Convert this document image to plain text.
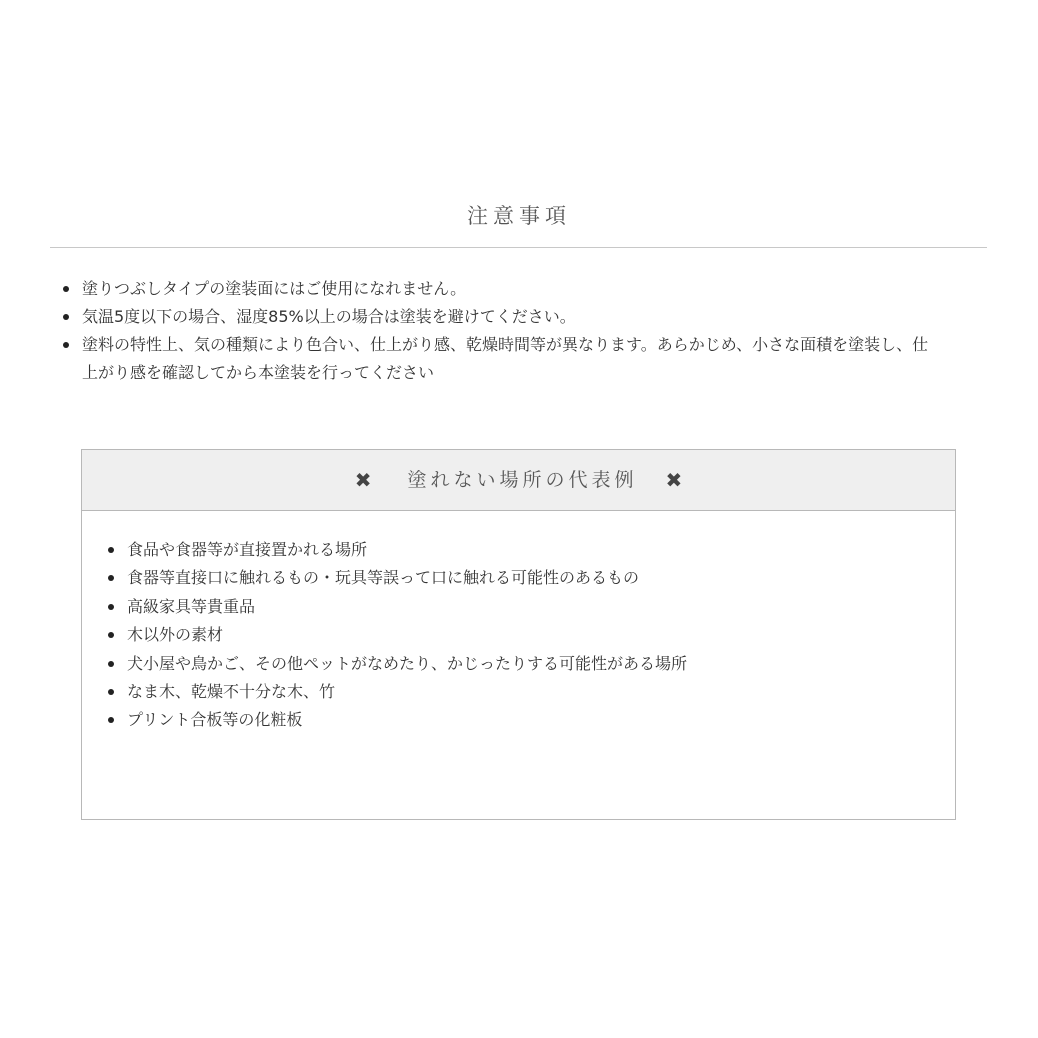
注意事項
塗りつぶしタイプの塗装面にはご使用になれません。
気温5度以下の場合、湿度85%以上の場合は塗装を避けてください。
塗料の特性上、気の種類により色合い、仕上がり感、乾燥時間等が異なります。あらかじめ、小さな面積を塗装し、仕上がり感を確認してから本塗装を行ってください
✖ 塗れない場所の代表例 ✖
食品や食器等が直接置かれる場所
食器等直接口に触れるもの・玩具等誤って口に触れる可能性のあるもの
高級家具等貴重品
木以外の素材
犬小屋や鳥かご、その他ペットがなめたり、かじったりする可能性がある場所
なま木、乾燥不十分な木、竹
プリント合板等の化粧板
